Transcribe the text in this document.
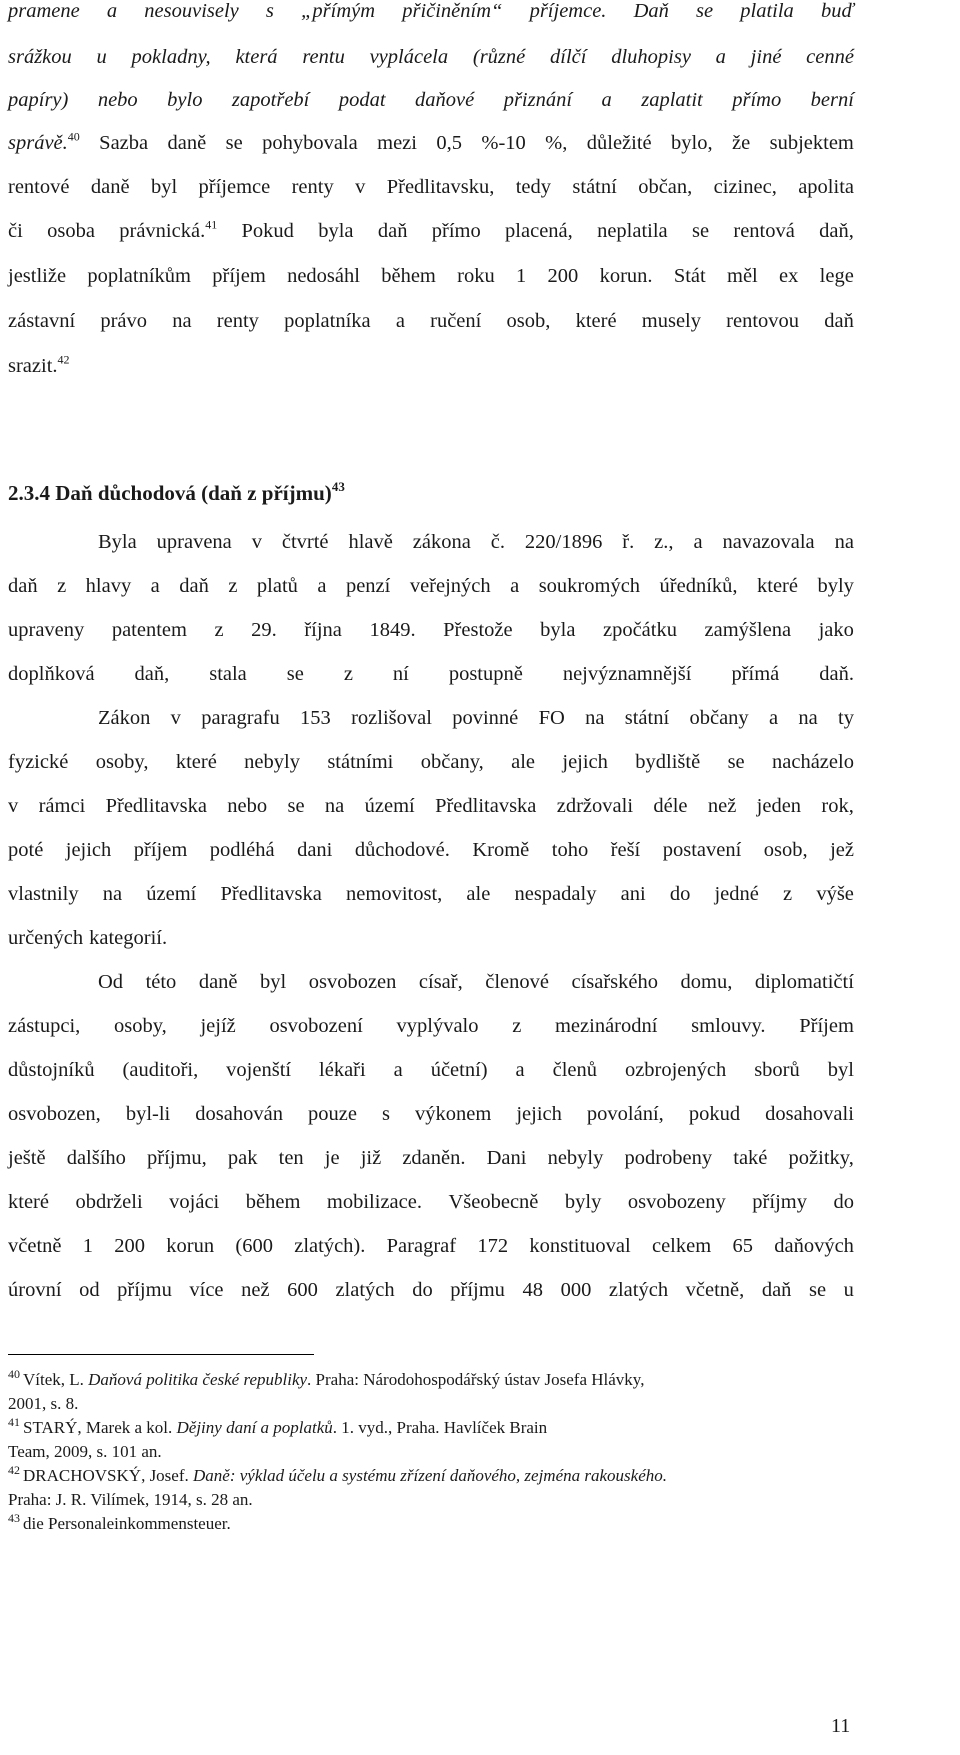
pramene a nesouvisely s „přímým přičiněním“ příjemce. Daň se platila buď
srážkou u pokladny, která rentu vyplácela (různé dílčí dluhopisy a jiné cenné
papíry) nebo bylo zapotřebí podat daňové přiznání a zaplatit přímo berní
správě.$^{40}$ Sazba daně se pohybovala mezi 0,5 %-10 %, důležité bylo, že subjektem
rentové daně byl příjemce renty v Předlitavsku, tedy státní občan, cizinec, apolita
či osoba právnická.$^{41}$ Pokud byla daň přímo placená, neplatila se rentová daň,
jestliže poplatníkům příjem nedosáhl během roku 1 200 korun. Stát měl ex lege
zástavní právo na renty poplatníka a ručení osob, které musely rentovou daň
srazit.$^{42}$
Byla upravena v čtvrté hlavě zákona č. 220/1896 ř. z., a navazovala na
daň z hlavy a daň z platů a penzí veřejných a soukromých úředníků, které byly
upraveny patentem z 29. října 1849. Přestože byla zpočátku zamýšlena jako
doplňková daň, stala se z ní postupně nejvýznamnější přímá daň.
Zákon v paragrafu 153 rozlišoval povinné FO na státní občany a na ty
fyzické osoby, které nebyly státními občany, ale jejich bydliště se nacházelo
v rámci Předlitavska nebo se na území Předlitavska zdržovali déle než jeden rok,
poté jejich příjem podléhá dani důchodové. Kromě toho řeší postavení osob, jež
vlastnily na území Předlitavska nemovitost, ale nespadaly ani do jedné z výše
určených kategorií.
Od této daně byl osvobozen císař, členové císařského domu, diplomatičtí
zástupci, osoby, jejíž osvobození vyplývalo z mezinárodní smlouvy. Příjem
důstojníků (auditoři, vojenští lékaři a účetní) a členů ozbrojených sborů byl
osvobozen, byl-li dosahován pouze s výkonem jejich povolání, pokud dosahovali
ještě dalšího příjmu, pak ten je již zdaněn. Dani nebyly podrobeny také požitky,
které obdrželi vojáci během mobilizace. Všeobecně byly osvobozeny příjmy do
včetně 1 200 korun (600 zlatých). Paragraf 172 konstituoval celkem 65 daňových
úrovní od příjmu více než 600 zlatých do příjmu 48 000 zlatých včetně, daň se u
2.3.4 Daň důchodová (daň z příjmu)$^{43}$
$^{40}$ Vítek, L. Daňová politika české republiky. Praha: Národohospodářský ústav Josefa Hlávky,
2001, s. 8.
$^{41}$ STARÝ, Marek a kol. Dějiny daní a poplatků. 1. vyd., Praha. Havlíček Brain
Team, 2009, s. 101 an.
$^{42}$ DRACHOVSKÝ, Josef. Daně: výklad účelu a systému zřízení daňového, zejména rakouského.
Praha: J. R. Vilímek, 1914, s. 28 an.
$^{43}$ die Personaleinkommensteuer.
11
